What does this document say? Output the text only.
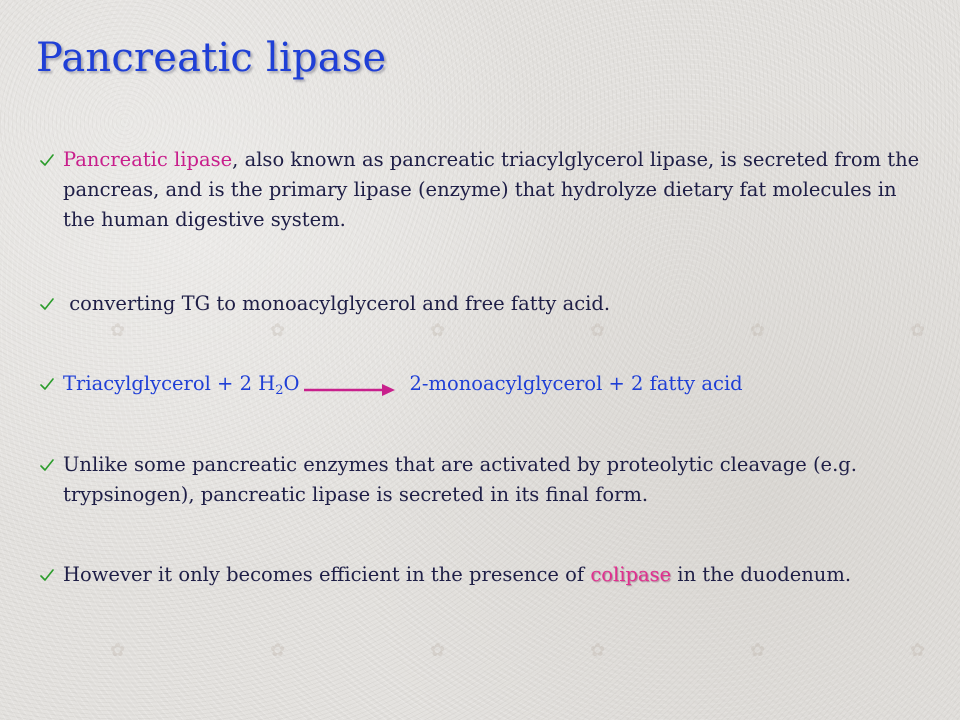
✿	✿	✿	✿	✿	✿
✿	✿	✿	✿	✿	✿
Pancreatic lipase
Pancreatic lipase, also known as pancreatic triacylglycerol lipase, is secreted from the pancreas, and is the primary lipase (enzyme) that hydrolyze dietary fat molecules in the human digestive system.
converting TG to monoacylglycerol and free fatty acid.
Triacylglycerol + 2 $H_2O$	2-monoacylglycerol + 2 fatty acid
Unlike some pancreatic enzymes that are activated by proteolytic cleavage (e.g. trypsinogen), pancreatic lipase is secreted in its final form.
However it only becomes efficient in the presence of colipase in the duodenum.
